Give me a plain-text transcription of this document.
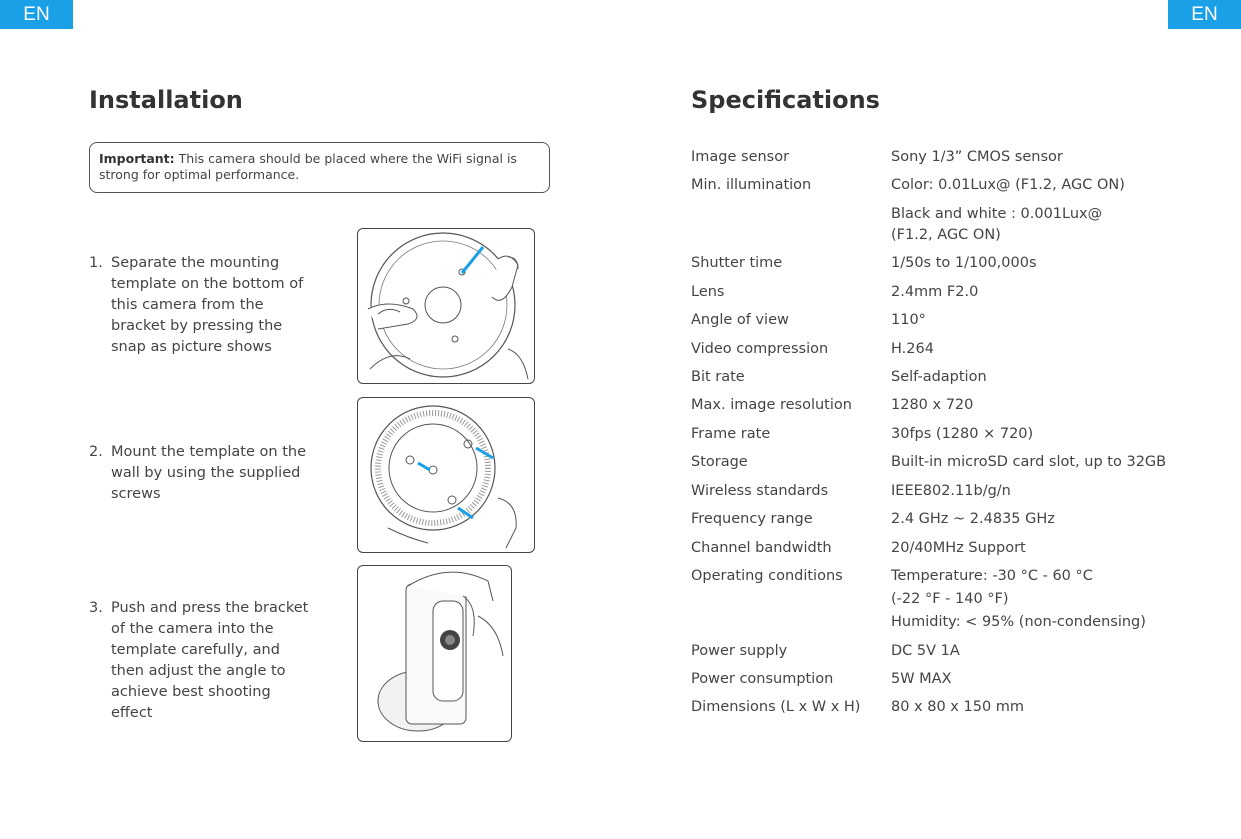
EN	EN
Installation
Important: This camera should be placed where the WiFi signal is strong for optimal performance.
1. Separate the mounting template on the bottom of this camera from the bracket by pressing the snap as picture shows
2. Mount the template on the wall by using the supplied screws
3. Push and press the bracket of the camera into the template carefully, and then adjust the angle to achieve best shooting effect
Specifications
Image sensor	Sony 1/3” CMOS sensor
Min. illumination	Color: 0.01Lux@ (F1.2, AGC ON)
Black and white : 0.001Lux@
(F1.2, AGC ON)
Shutter time	1/50s to 1/100,000s
Lens	2.4mm F2.0
Angle of view	110°
Video compression	H.264
Bit rate	Self-adaption
Max. image resolution	1280 x 720
Frame rate	30fps (1280 × 720)
Storage	Built-in microSD card slot, up to 32GB
Wireless standards	IEEE802.11b/g/n
Frequency range	2.4 GHz ~ 2.4835 GHz
Channel bandwidth	20/40MHz Support
Operating conditions	Temperature: -30 °C - 60 °C
(-22 °F - 140 °F)
Humidity: < 95% (non-condensing)
Power supply	DC 5V 1A
Power consumption	5W MAX
Dimensions (L x W x H) 80 x 80 x 150 mm
